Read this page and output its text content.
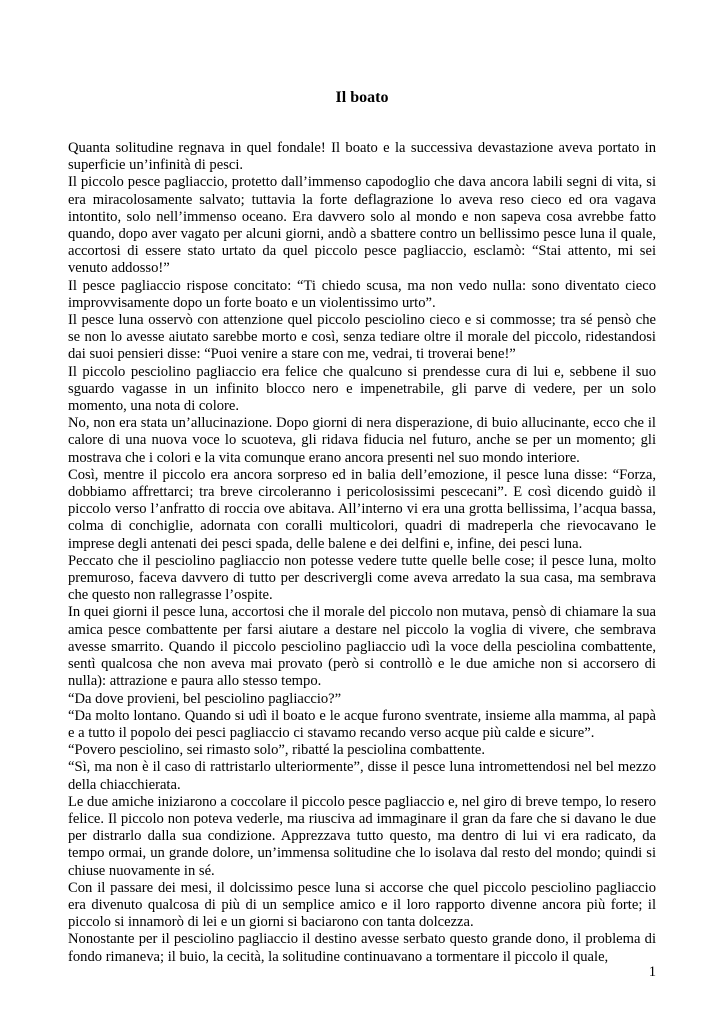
Il boato

Quanta solitudine regnava in quel fondale! Il boato e la successiva devastazione aveva portato in superficie un’infinità di pesci.

Il piccolo pesce pagliaccio, protetto dall’immenso capodoglio che dava ancora labili segni di vita, si era miracolosamente salvato; tuttavia la forte deflagrazione lo aveva reso cieco ed ora vagava intontito, solo nell’immenso oceano. Era davvero solo al mondo e non sapeva cosa avrebbe fatto quando, dopo aver vagato per alcuni giorni, andò a sbattere contro un bellissimo pesce luna il quale, accortosi di essere stato urtato da quel piccolo pesce pagliaccio, esclamò: “Stai attento, mi sei venuto addosso!”

Il pesce pagliaccio rispose concitato: “Ti chiedo scusa, ma non vedo nulla: sono diventato cieco improvvisamente dopo un forte boato e un violentissimo urto”.

Il pesce luna osservò con attenzione quel piccolo pesciolino cieco e si commosse; tra sé pensò che se non lo avesse aiutato sarebbe morto e così, senza tediare oltre il morale del piccolo, ridestandosi dai suoi pensieri disse: “Puoi venire a stare con me, vedrai, ti troverai bene!”

Il piccolo pesciolino pagliaccio era felice che qualcuno si prendesse cura di lui e, sebbene il suo sguardo vagasse in un infinito blocco nero e impenetrabile, gli parve di vedere, per un solo momento, una nota di colore.

No, non era stata un’allucinazione. Dopo giorni di nera disperazione, di buio allucinante, ecco che il calore di una nuova voce lo scuoteva, gli ridava fiducia nel futuro, anche se per un momento; gli mostrava che i colori e la vita comunque erano ancora presenti nel suo mondo interiore.

Così, mentre il piccolo era ancora sorpreso ed in balia dell’emozione, il pesce luna disse: “Forza, dobbiamo affrettarci; tra breve circoleranno i pericolosissimi pescecani”. E così dicendo guidò il piccolo verso l’anfratto di roccia ove abitava. All’interno vi era una grotta bellissima, l’acqua bassa, colma di conchiglie, adornata con coralli multicolori, quadri di madreperla che rievocavano le imprese degli antenati dei pesci spada, delle balene e dei delfini e, infine, dei pesci luna.

Peccato che il pesciolino pagliaccio non potesse vedere tutte quelle belle cose; il pesce luna, molto premuroso, faceva davvero di tutto per descrivergli come aveva arredato la sua casa, ma sembrava che questo non rallegrasse l’ospite.

In quei giorni il pesce luna, accortosi che il morale del piccolo non mutava, pensò di chiamare la sua amica pesce combattente per farsi aiutare a destare nel piccolo la voglia di vivere, che sembrava avesse smarrito. Quando il piccolo pesciolino pagliaccio udì la voce della pesciolina combattente, sentì qualcosa che non aveva mai provato (però si controllò e le due amiche non si accorsero di nulla): attrazione e paura allo stesso tempo.

“Da dove provieni, bel pesciolino pagliaccio?”

“Da molto lontano. Quando si udì il boato e le acque furono sventrate, insieme alla mamma, al papà e a tutto il popolo dei pesci pagliaccio ci stavamo recando verso acque più calde e sicure”.

“Povero pesciolino, sei rimasto solo”, ribatté la pesciolina combattente.

“Sì, ma non è il caso di rattristarlo ulteriormente”, disse il pesce luna intromettendosi nel bel mezzo della chiacchierata.

Le due amiche iniziarono a coccolare il piccolo pesce pagliaccio e, nel giro di breve tempo, lo resero felice. Il piccolo non poteva vederle, ma riusciva ad immaginare il gran da fare che si davano le due per distrarlo dalla sua condizione. Apprezzava tutto questo, ma dentro di lui vi era radicato, da tempo ormai, un grande dolore, un’immensa solitudine che lo isolava dal resto del mondo; quindi si chiuse nuovamente in sé.

Con il passare dei mesi, il dolcissimo pesce luna si accorse che quel piccolo pesciolino pagliaccio era divenuto qualcosa di più di un semplice amico e il loro rapporto divenne ancora più forte; il piccolo si innamorò di lei e un giorni si baciarono con tanta dolcezza.

Nonostante per il pesciolino pagliaccio il destino avesse serbato questo grande dono, il problema di fondo rimaneva; il buio, la cecità, la solitudine continuavano a tormentare il piccolo il quale,

1
